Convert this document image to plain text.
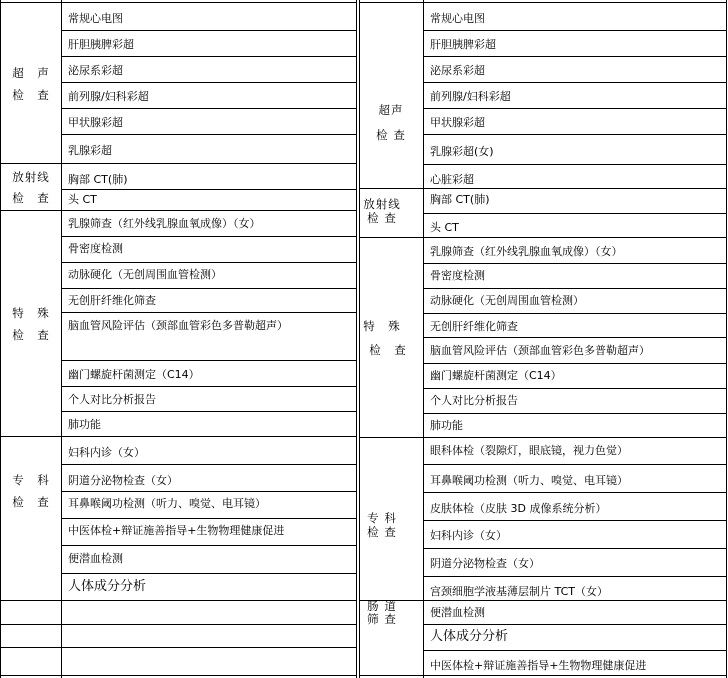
超　声
检　查
放射线
检　查
特　殊
检　查
专　科
检　查
常规心电图
肝胆胰脾彩超
泌尿系彩超
前列腺/妇科彩超
甲状腺彩超
乳腺彩超
胸部 CT(肺)
头 CT
乳腺筛查（红外线乳腺血氧成像）（女）
骨密度检测
动脉硬化（无创周围血管检测）
无创肝纤维化筛查
脑血管风险评估（颈部血管彩色多普勒超声）
幽门螺旋杆菌测定（C14）
个人对比分析报告
肺功能
妇科内诊（女）
阴道分泌物检查（女）
耳鼻喉阈功检测（听力、嗅觉、电耳镜）
中医体检+辩证施善指导+生物物理健康促进
便潜血检测
人体成分分析
超声
检 查
放射线
检 查
特　殊
检　查
专 科
检 查
肠 道
筛 查
常规心电图
肝胆胰脾彩超
泌尿系彩超
前列腺/妇科彩超
甲状腺彩超
乳腺彩超(女)
心脏彩超
胸部 CT(肺)
头 CT
乳腺筛查（红外线乳腺血氧成像）（女）
骨密度检测
动脉硬化（无创周围血管检测）
无创肝纤维化筛查
脑血管风险评估（颈部血管彩色多普勒超声）
幽门螺旋杆菌测定（C14）
个人对比分析报告
肺功能
眼科体检（裂隙灯，眼底镜，视力色觉）
耳鼻喉阈功检测（听力、嗅觉、电耳镜）
皮肤体检（皮肤 3D 成像系统分析）
妇科内诊（女）
阴道分泌物检查（女）
宫颈细胞学液基薄层制片 TCT（女）
便潜血检测
人体成分分析
中医体检+辩证施善指导+生物物理健康促进
